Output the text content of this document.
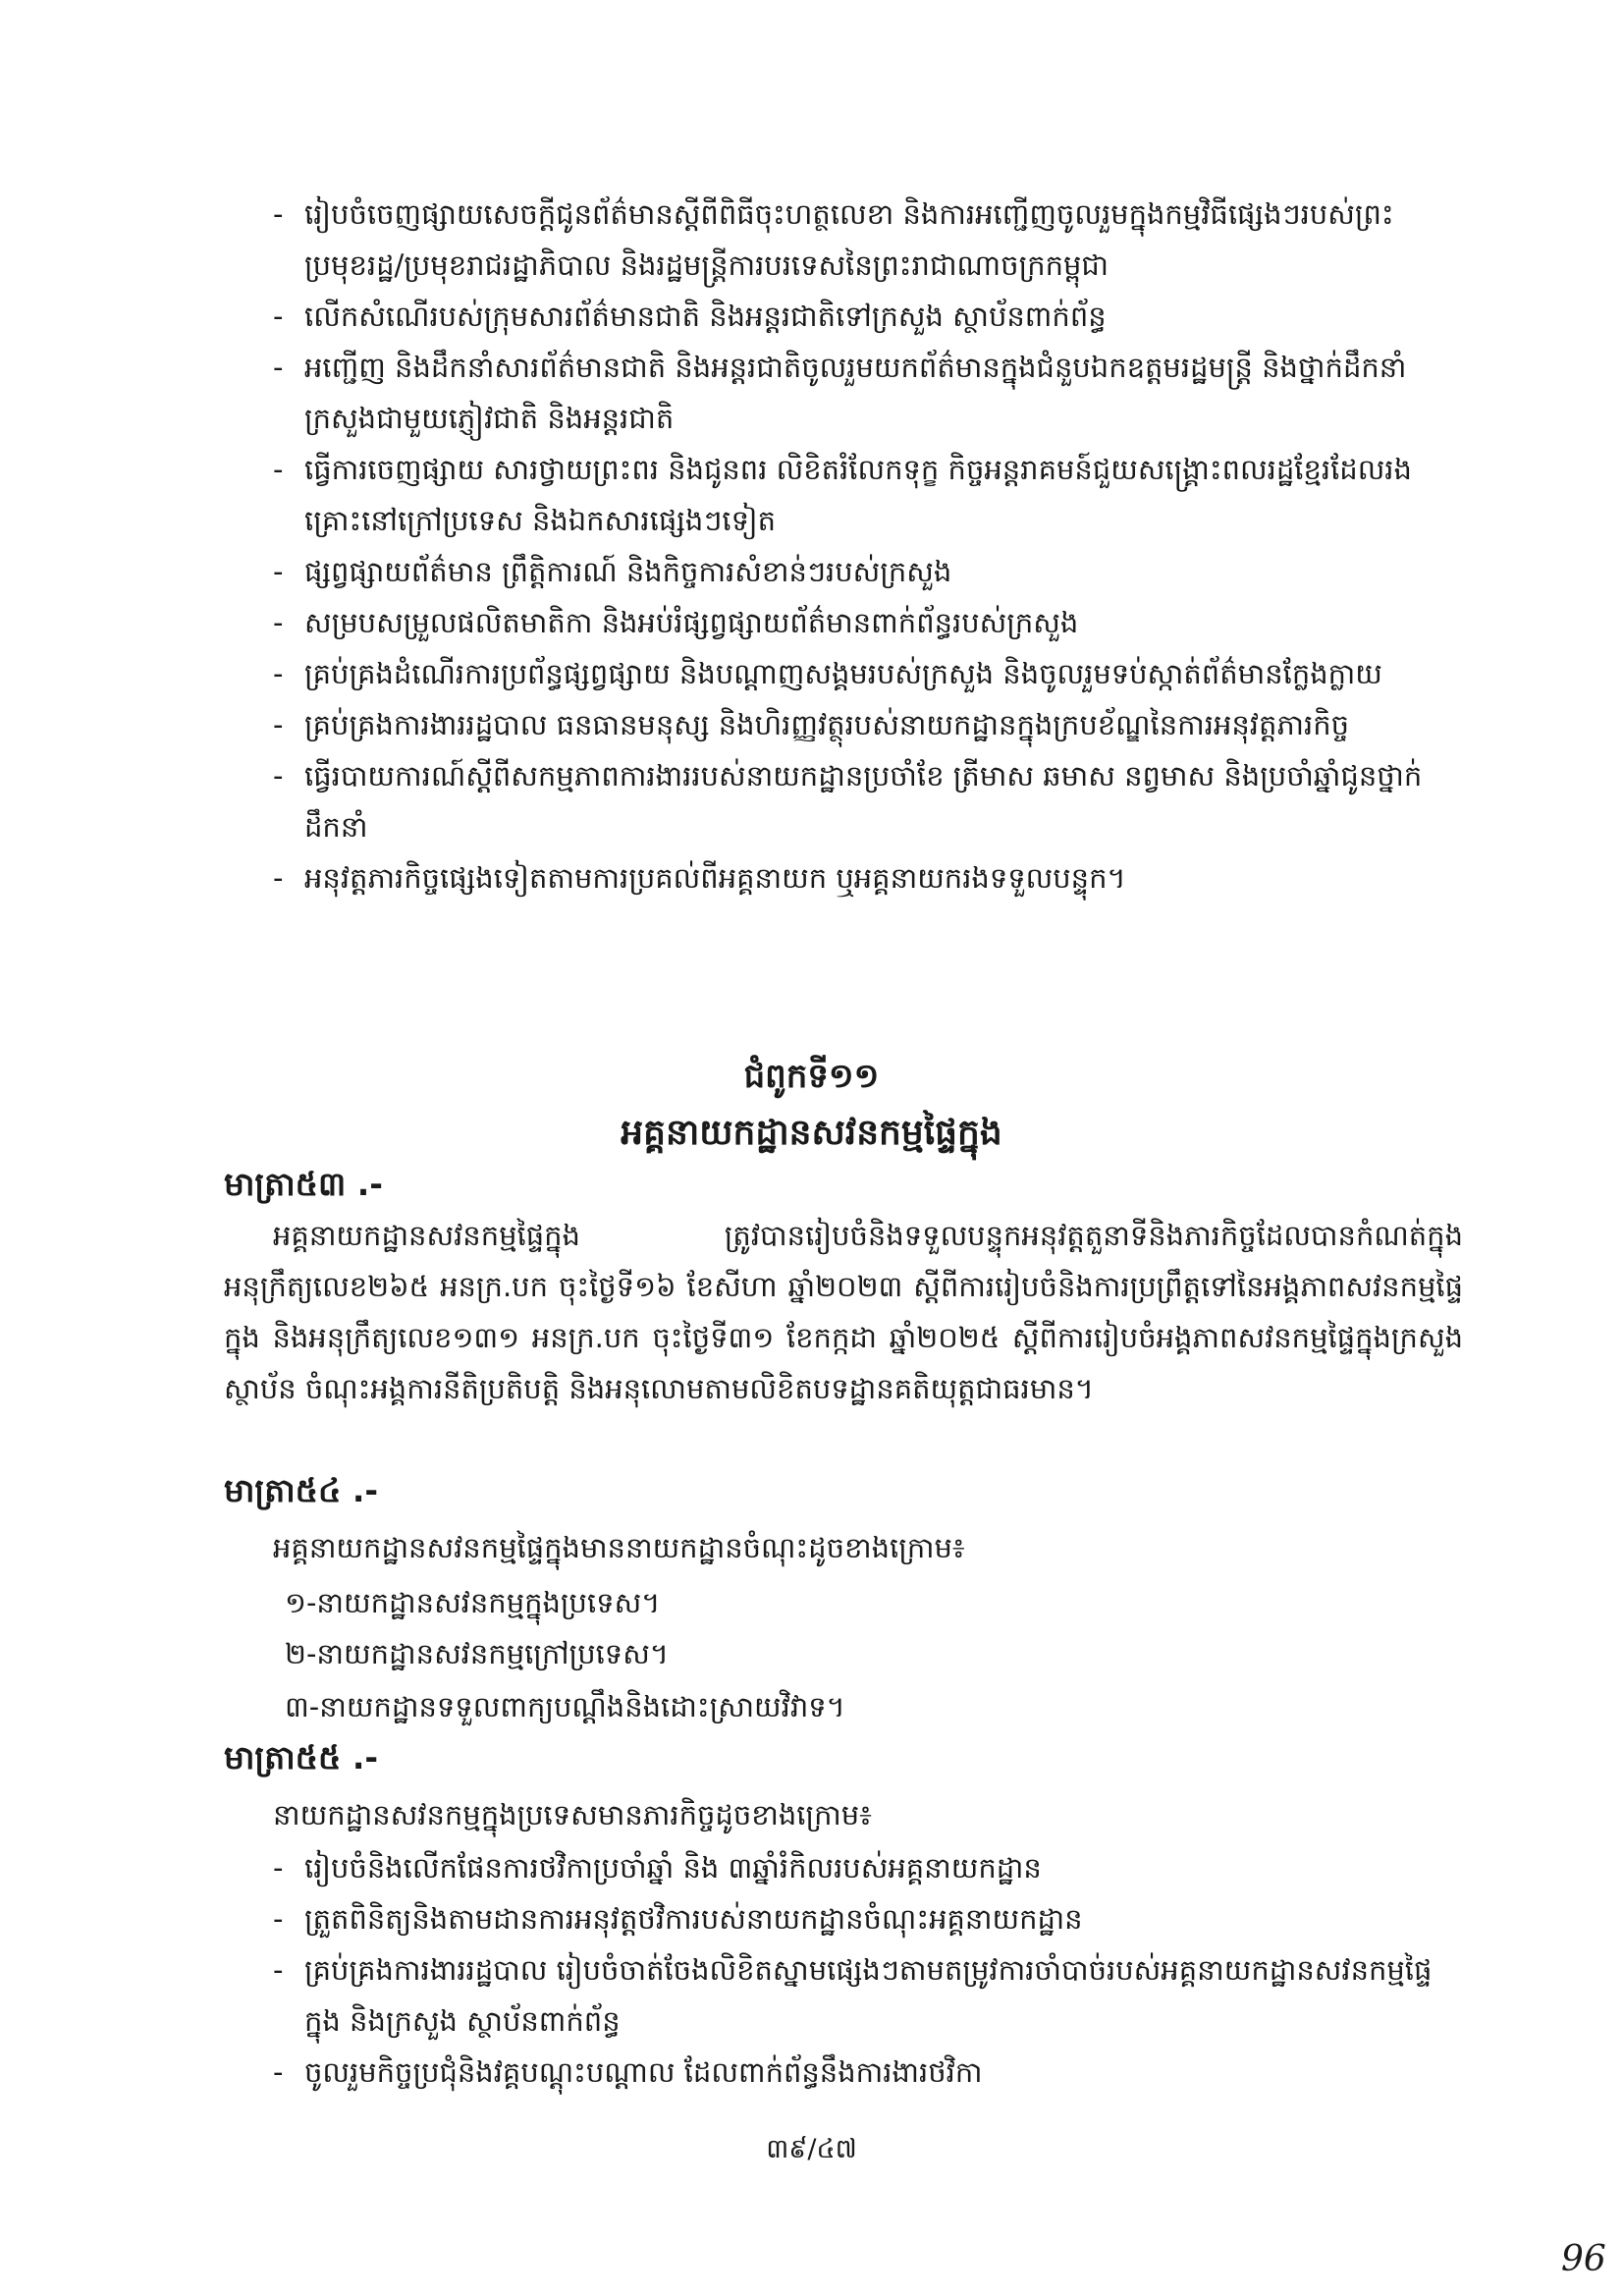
- រៀបចំចេញផ្សាយសេចក្ដីជូនព័ត៌មានស្ដីពីពិធីចុះហត្ថលេខា និងការអញ្ជើញចូលរួមក្នុងកម្មវិធីផ្សេងៗរបស់ព្រះប្រមុខរដ្ឋ/ប្រមុខរាជរដ្ឋាភិបាល និងរដ្ឋមន្ត្រីការបរទេសនៃព្រះរាជាណាចក្រកម្ពុជា
- លើកសំណើរបស់ក្រុមសារព័ត៌មានជាតិ និងអន្តរជាតិទៅក្រសួង ស្ថាប័នពាក់ព័ន្ធ
- អញ្ជើញ និងដឹកនាំសារព័ត៌មានជាតិ និងអន្តរជាតិចូលរួមយកព័ត៌មានក្នុងជំនួបឯកឧត្ដមរដ្ឋមន្ត្រី និងថ្នាក់ដឹកនាំក្រសួងជាមួយភ្ញៀវជាតិ និងអន្តរជាតិ
- ធ្វើការចេញផ្សាយ សារថ្វាយព្រះពរ និងជូនពរ លិខិតរំលែកទុក្ខ កិច្ចអន្តរាគមន៍ជួយសង្គ្រោះពលរដ្ឋខ្មែរដែលរងគ្រោះនៅក្រៅប្រទេស និងឯកសារផ្សេងៗទៀត
- ផ្សព្វផ្សាយព័ត៌មាន ព្រឹត្តិការណ៍ និងកិច្ចការសំខាន់ៗរបស់ក្រសួង
- សម្របសម្រួលផលិតមាតិកា និងអប់រំផ្សព្វផ្សាយព័ត៌មានពាក់ព័ន្ធរបស់ក្រសួង
- គ្រប់គ្រងដំណើរការប្រព័ន្ធផ្សព្វផ្សាយ និងបណ្ដាញសង្គមរបស់ក្រសួង និងចូលរួមទប់ស្កាត់ព័ត៌មានក្លែងក្លាយ
- គ្រប់គ្រងការងាររដ្ឋបាល ធនធានមនុស្ស និងហិរញ្ញវត្ថុរបស់នាយកដ្ឋានក្នុងក្របខ័ណ្ឌនៃការអនុវត្តភារកិច្ច
- ធ្វើរបាយការណ៍ស្ដីពីសកម្មភាពការងាររបស់នាយកដ្ឋានប្រចាំខែ ត្រីមាស ឆមាស នព្វមាស និងប្រចាំឆ្នាំជូនថ្នាក់ដឹកនាំ
- អនុវត្តភារកិច្ចផ្សេងទៀតតាមការប្រគល់ពីអគ្គនាយក ឬអគ្គនាយករងទទួលបន្ទុក។
ជំពូកទី១១
អគ្គនាយកដ្ឋានសវនកម្មផ្ទៃក្នុង
មាត្រា៥៣ .-
អគ្គនាយកដ្ឋានសវនកម្មផ្ទៃក្នុង ត្រូវបានរៀបចំនិងទទួលបន្ទុកអនុវត្តតួនាទីនិងភារកិច្ចដែលបានកំណត់ក្នុងអនុក្រឹត្យលេខ២៦៥ អនក្រ.បក ចុះថ្ងៃទី១៦ ខែសីហា ឆ្នាំ២០២៣ ស្ដីពីការរៀបចំនិងការប្រព្រឹត្តទៅនៃអង្គភាពសវនកម្មផ្ទៃក្នុង និងអនុក្រឹត្យលេខ១៣១ អនក្រ.បក ចុះថ្ងៃទី៣១ ខែកក្កដា ឆ្នាំ២០២៥ ស្ដីពីការរៀបចំអង្គភាពសវនកម្មផ្ទៃក្នុងក្រសួង ស្ថាប័ន ចំណុះអង្គការនីតិប្រតិបត្តិ និងអនុលោមតាមលិខិតបទដ្ឋានគតិយុត្តជាធរមាន។
មាត្រា៥៤ .-
អគ្គនាយកដ្ឋានសវនកម្មផ្ទៃក្នុងមាននាយកដ្ឋានចំណុះដូចខាងក្រោម៖
១-នាយកដ្ឋានសវនកម្មក្នុងប្រទេស។
២-នាយកដ្ឋានសវនកម្មក្រៅប្រទេស។
៣-នាយកដ្ឋានទទួលពាក្យបណ្ដឹងនិងដោះស្រាយវិវាទ។
មាត្រា៥៥ .-
នាយកដ្ឋានសវនកម្មក្នុងប្រទេសមានភារកិច្ចដូចខាងក្រោម៖
- រៀបចំនិងលើកផែនការថវិកាប្រចាំឆ្នាំ និង ៣ឆ្នាំរំកិលរបស់អគ្គនាយកដ្ឋាន
- ត្រួតពិនិត្យនិងតាមដានការអនុវត្តថវិការបស់នាយកដ្ឋានចំណុះអគ្គនាយកដ្ឋាន
- គ្រប់គ្រងការងាររដ្ឋបាល រៀបចំចាត់ចែងលិខិតស្នាមផ្សេងៗតាមតម្រូវការចាំបាច់របស់អគ្គនាយកដ្ឋានសវនកម្មផ្ទៃក្នុង និងក្រសួង ស្ថាប័នពាក់ព័ន្ធ
- ចូលរួមកិច្ចប្រជុំនិងវគ្គបណ្ដុះបណ្ដាល ដែលពាក់ព័ន្ធនឹងការងារថវិកា
៣៩/៤៧
96
